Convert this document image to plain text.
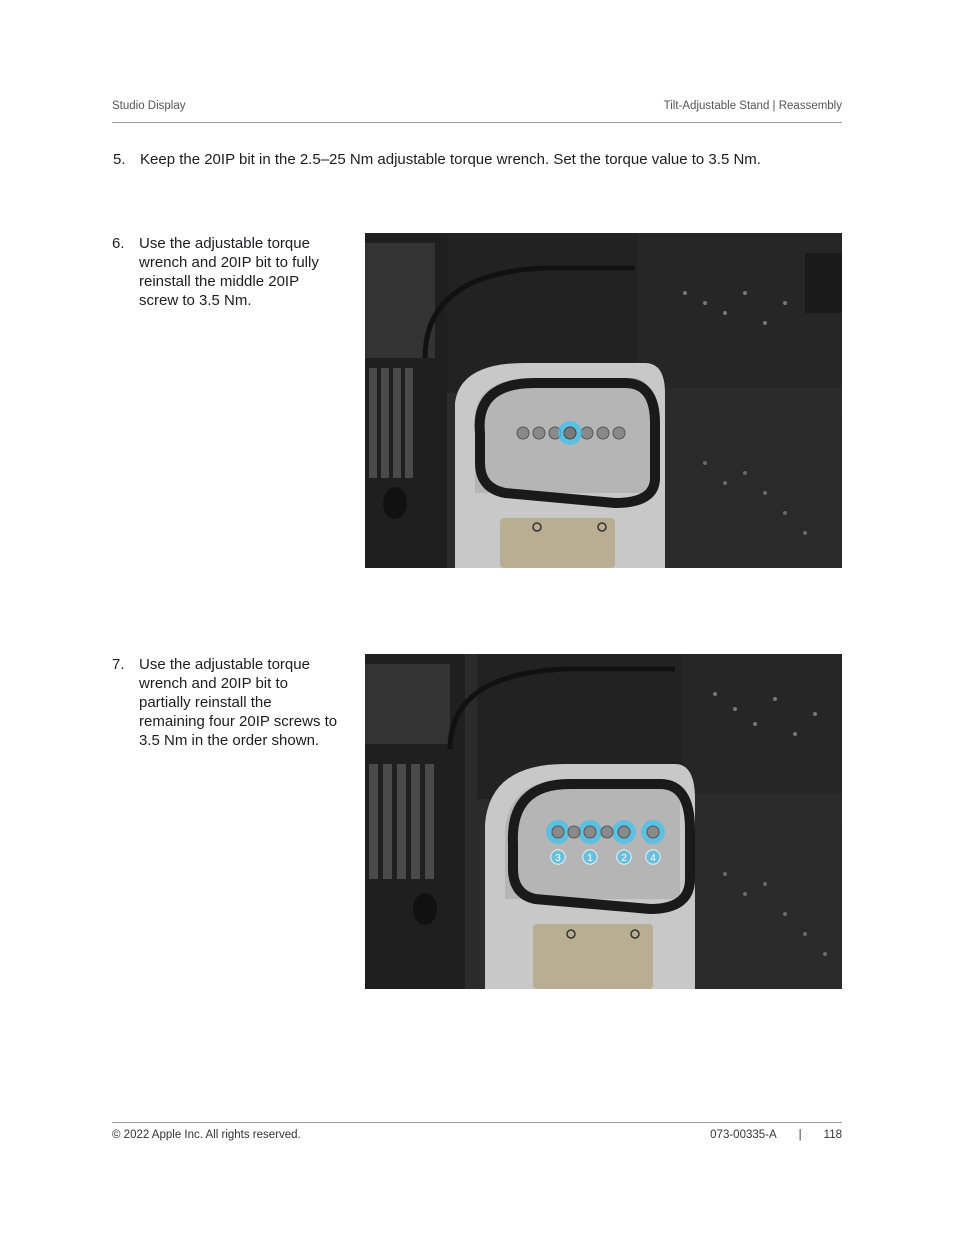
Studio Display	Tilt-Adjustable Stand | Reassembly
5. Keep the 20IP bit in the 2.5–25 Nm adjustable torque wrench. Set the torque value to 3.5 Nm.
6. Use the adjustable torque wrench and 20IP bit to fully reinstall the middle 20IP screw to 3.5 Nm.
7. Use the adjustable torque wrench and 20IP bit to partially reinstall the remaining four 20IP screws to 3.5 Nm in the order shown.
3	1	2 4
© 2022 Apple Inc. All rights reserved.	073-00335-A | 118
